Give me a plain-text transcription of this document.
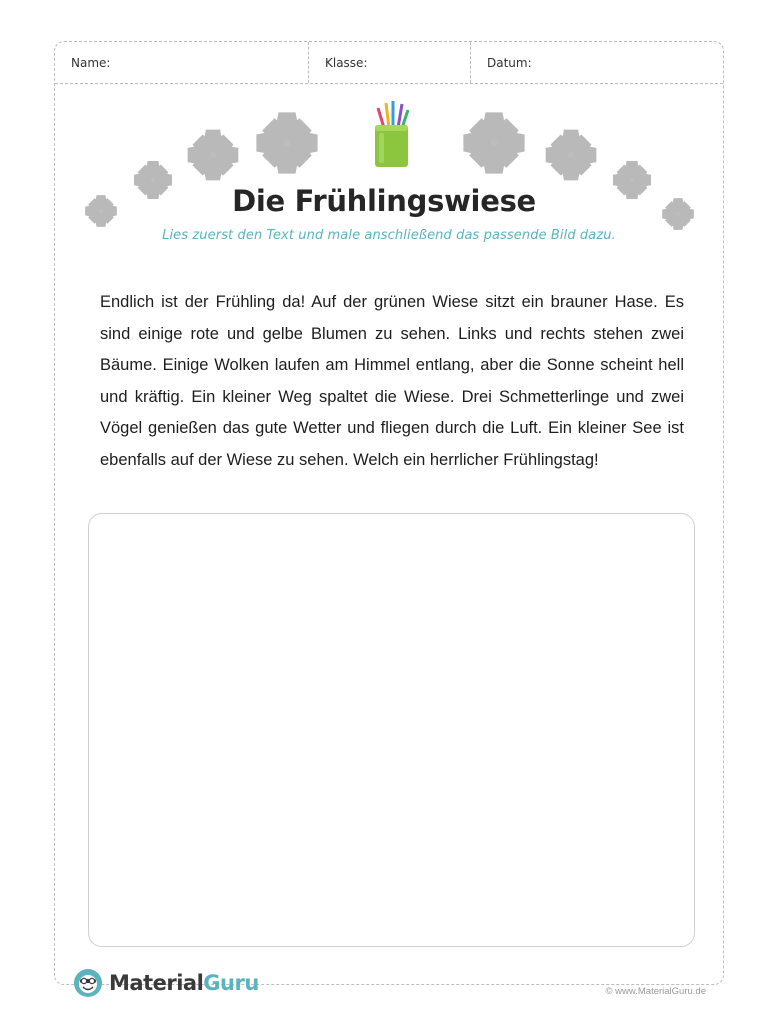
Name:	Klasse:	Datum:
Die Frühlingswiese
Lies zuerst den Text und male anschließend das passende Bild dazu.
Endlich ist der Frühling da! Auf der grünen Wiese sitzt ein brauner Hase. Es sind einige rote und gelbe Blumen zu sehen. Links und rechts stehen zwei Bäume. Einige Wolken laufen am Himmel entlang, aber die Sonne scheint hell und kräftig. Ein kleiner Weg spaltet die Wiese. Drei Schmetterlinge und zwei Vögel genießen das gute Wetter und fliegen durch die Luft. Ein kleiner See ist ebenfalls auf der Wiese zu sehen. Welch ein herrlicher Frühlingstag!
MaterialGuru	© www.MaterialGuru.de
